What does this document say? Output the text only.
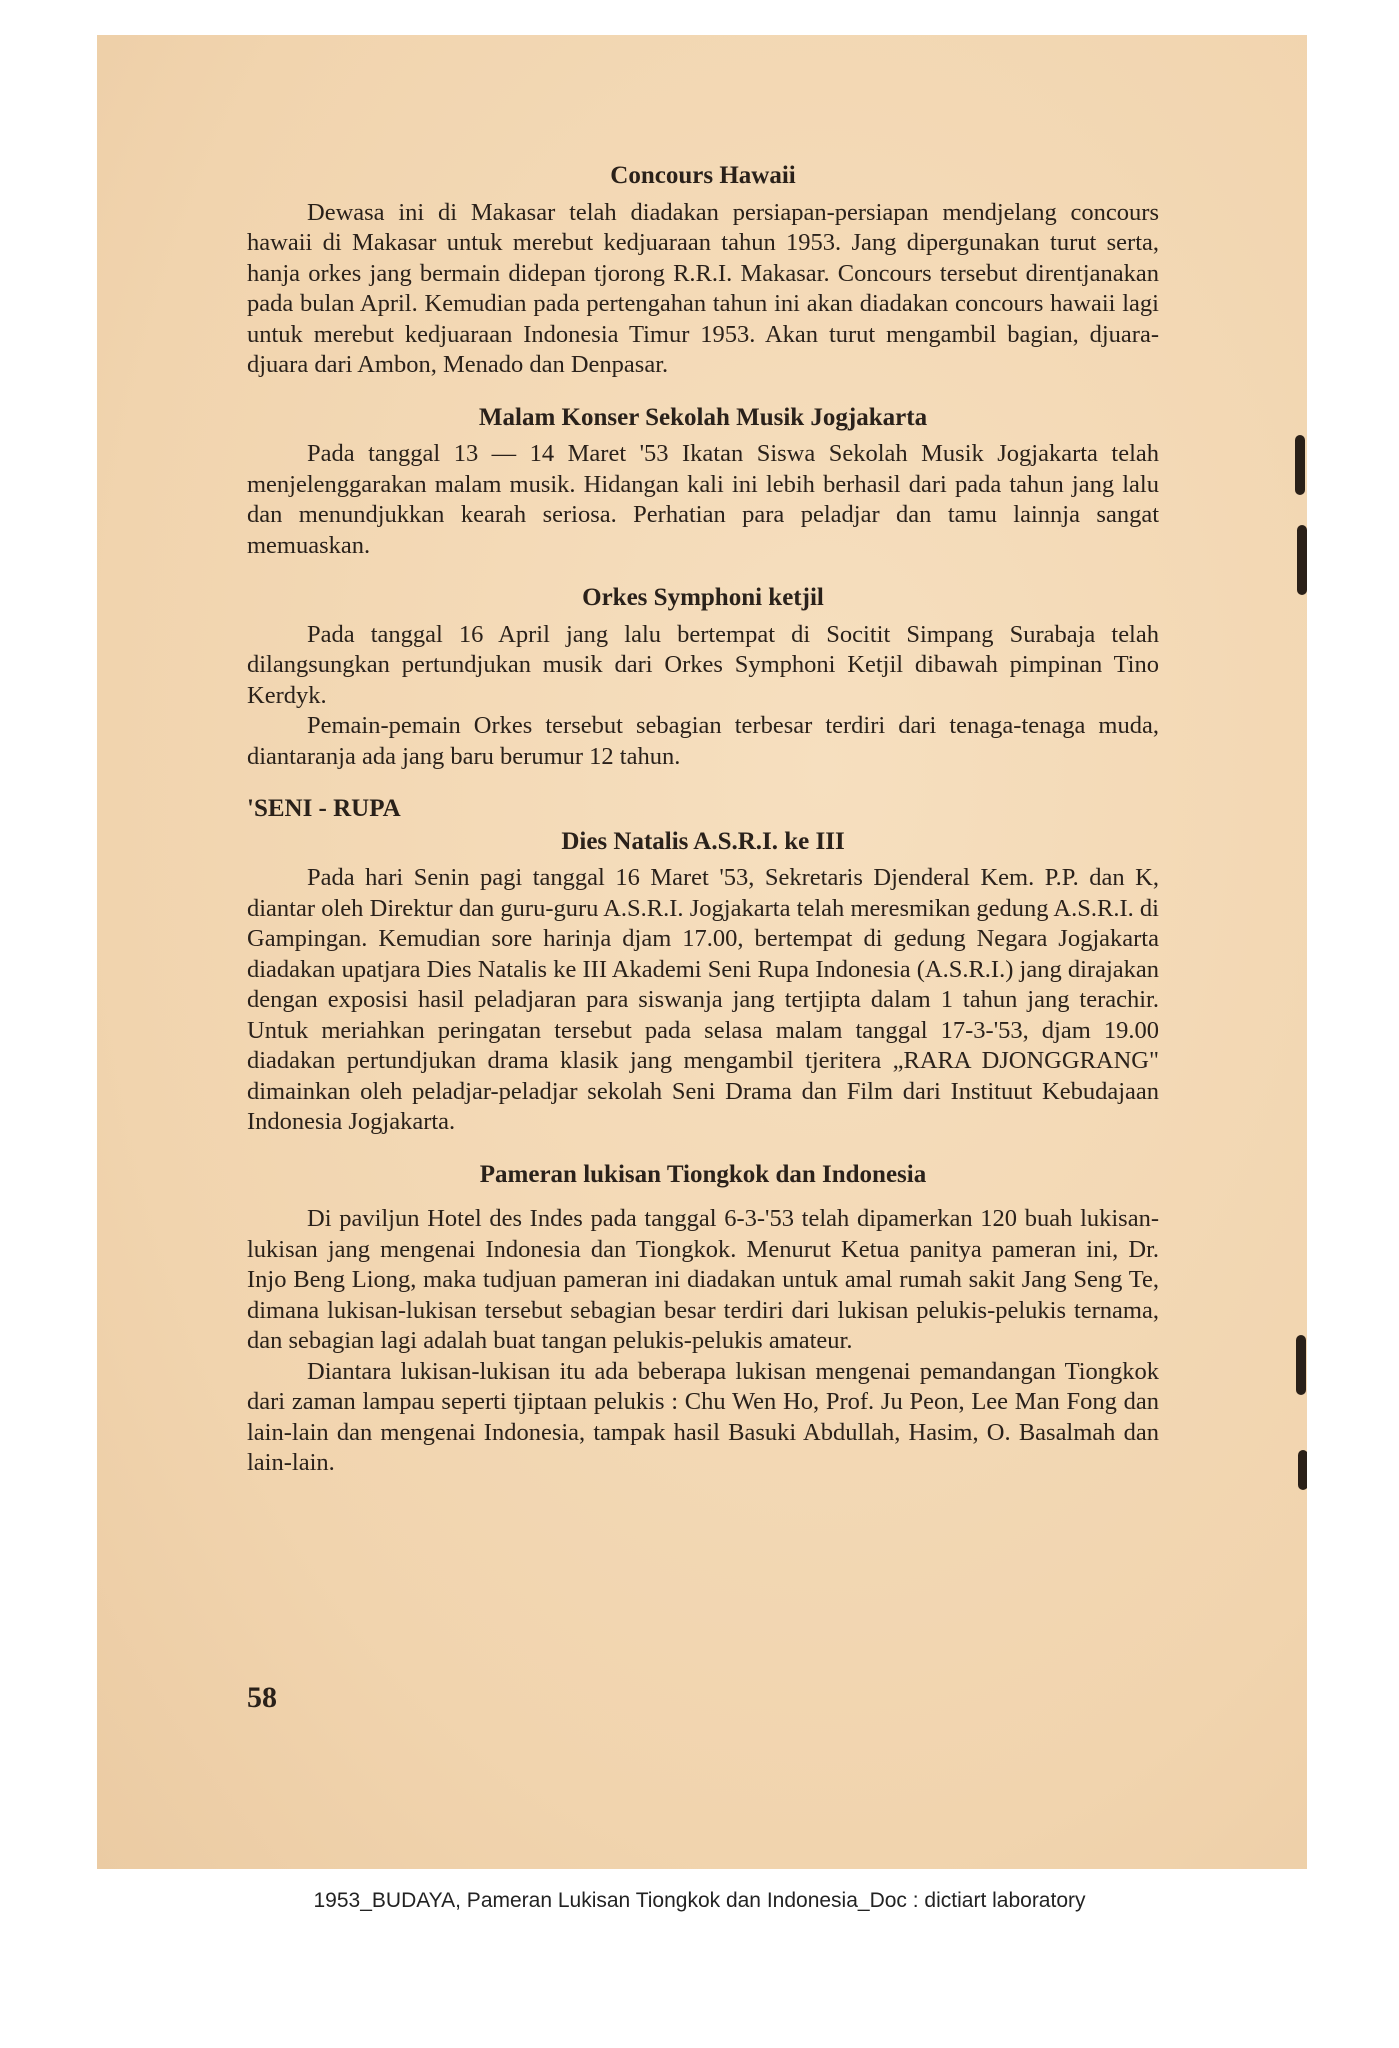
Concours Hawaii

Dewasa ini di Makasar telah diadakan persiapan-persiapan mendjelang concours hawaii di Makasar untuk merebut kedjuaraan tahun 1953. Jang dipergunakan turut serta, hanja orkes jang bermain didepan tjorong R.R.I. Makasar. Concours tersebut direntjanakan pada bulan April. Kemudian pada pertengahan tahun ini akan diadakan concours hawaii lagi untuk merebut kedjuaraan Indonesia Timur 1953. Akan turut mengambil bagian, djuara-djuara dari Ambon, Menado dan Denpasar.

Malam Konser Sekolah Musik Jogjakarta

Pada tanggal 13 — 14 Maret '53 Ikatan Siswa Sekolah Musik Jogjakarta telah menjelenggarakan malam musik. Hidangan kali ini lebih berhasil dari pada tahun jang lalu dan menundjukkan kearah seriosa. Perhatian para peladjar dan tamu lainnja sangat memuaskan.

Orkes Symphoni ketjil

Pada tanggal 16 April jang lalu bertempat di Socitit Simpang Surabaja telah dilangsungkan pertundjukan musik dari Orkes Symphoni Ketjil dibawah pimpinan Tino Kerdyk.

Pemain-pemain Orkes tersebut sebagian terbesar terdiri dari tenaga-tenaga muda, diantaranja ada jang baru berumur 12 tahun.

'SENI - RUPA
Dies Natalis A.S.R.I. ke III

Pada hari Senin pagi tanggal 16 Maret '53, Sekretaris Djenderal Kem. P.P. dan K, diantar oleh Direktur dan guru-guru A.S.R.I. Jogjakarta telah meresmikan gedung A.S.R.I. di Gampingan. Kemudian sore harinja djam 17.00, bertempat di gedung Negara Jogjakarta diadakan upatjara Dies Natalis ke III Akademi Seni Rupa Indonesia (A.S.R.I.) jang dirajakan dengan exposisi hasil peladjaran para siswanja jang tertjipta dalam 1 tahun jang terachir. Untuk meriahkan peringatan tersebut pada selasa malam tanggal 17-3-'53, djam 19.00 diadakan pertundjukan drama klasik jang mengambil tjeritera „RARA DJONGGRANG" dimainkan oleh peladjar-peladjar sekolah Seni Drama dan Film dari Instituut Kebudajaan Indonesia Jogjakarta.

Pameran lukisan Tiongkok dan Indonesia

Di paviljun Hotel des Indes pada tanggal 6-3-'53 telah dipamerkan 120 buah lukisan-lukisan jang mengenai Indonesia dan Tiongkok. Menurut Ketua panitya pameran ini, Dr. Injo Beng Liong, maka tudjuan pameran ini diadakan untuk amal rumah sakit Jang Seng Te, dimana lukisan-lukisan tersebut sebagian besar terdiri dari lukisan pelukis-pelukis ternama, dan sebagian lagi adalah buat tangan pelukis-pelukis amateur.

Diantara lukisan-lukisan itu ada beberapa lukisan mengenai pemandangan Tiongkok dari zaman lampau seperti tjiptaan pelukis : Chu Wen Ho, Prof. Ju Peon, Lee Man Fong dan lain-lain dan mengenai Indonesia, tampak hasil Basuki Abdullah, Hasim, O. Basalmah dan lain-lain.

58
1953_BUDAYA, Pameran Lukisan Tiongkok dan Indonesia_Doc : dictiart laboratory
